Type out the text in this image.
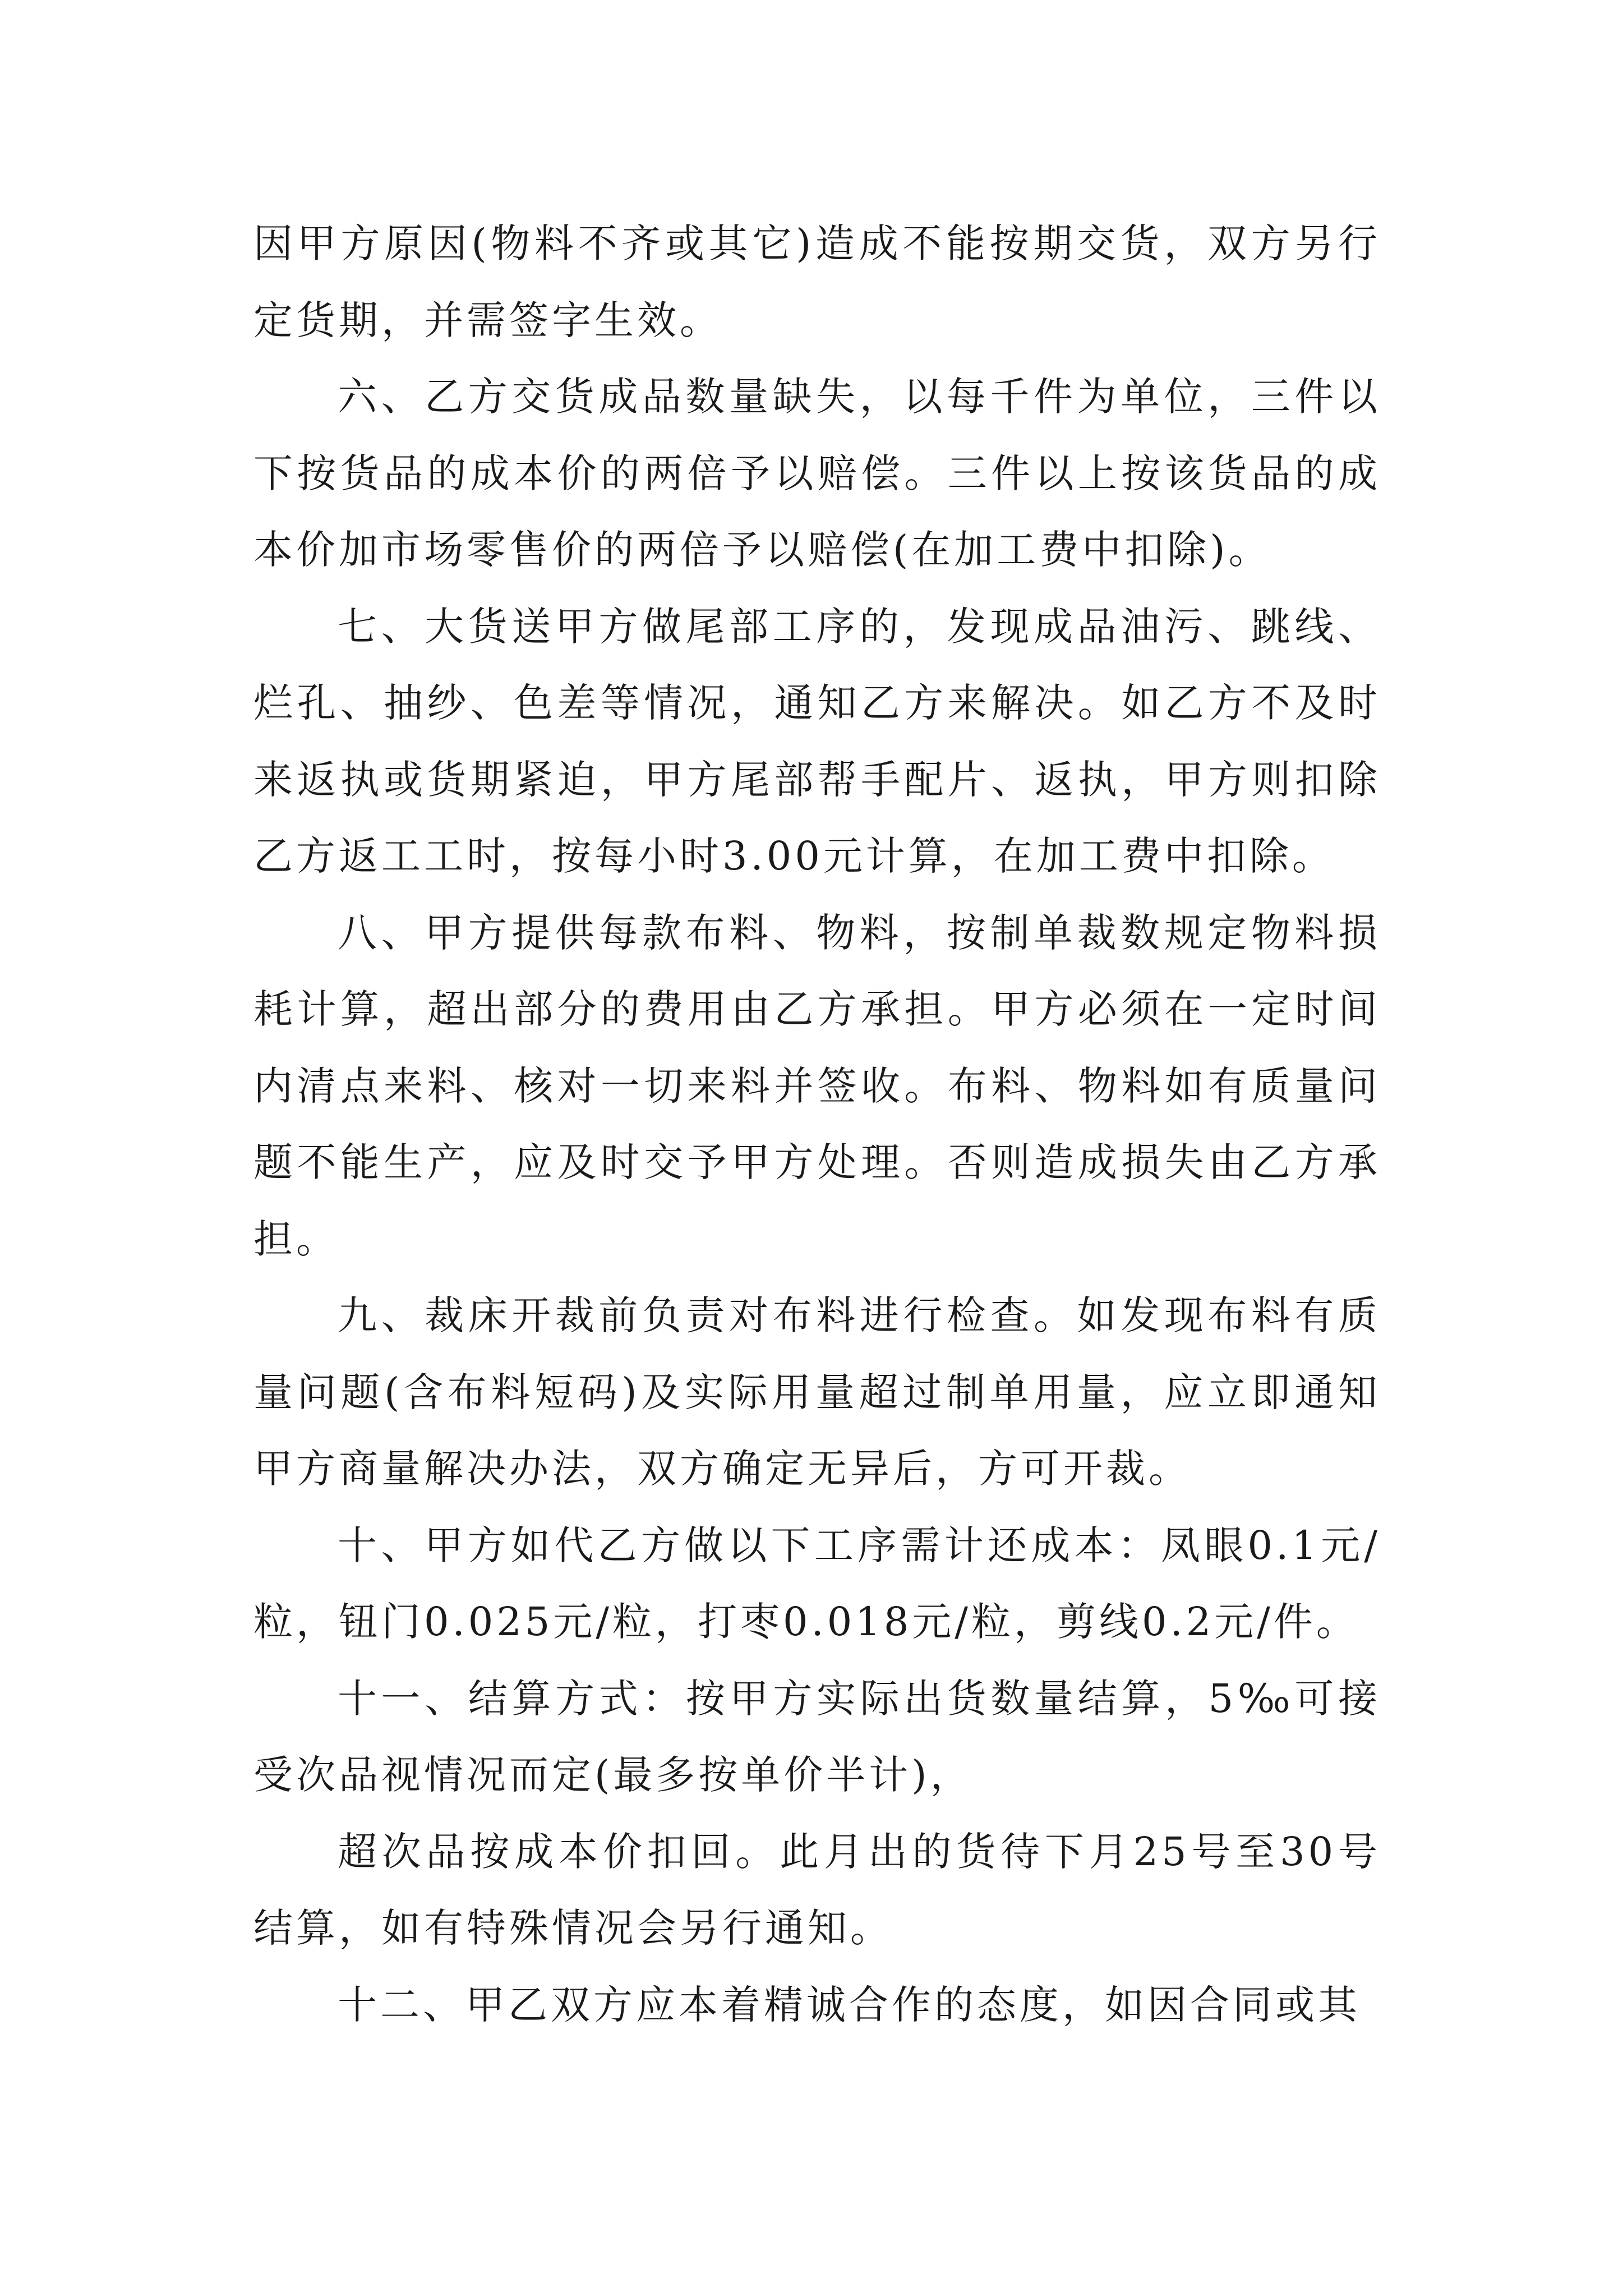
因甲方原因(物料不齐或其它)造成不能按期交货，双方另行定货期，并需签字生效。

六、乙方交货成品数量缺失，以每千件为单位，三件以下按货品的成本价的两倍予以赔偿。三件以上按该货品的成本价加市场零售价的两倍予以赔偿(在加工费中扣除)。

七、大货送甲方做尾部工序的，发现成品油污、跳线、烂孔、抽纱、色差等情况，通知乙方来解决。如乙方不及时来返执或货期紧迫，甲方尾部帮手配片、返执，甲方则扣除乙方返工工时，按每小时3.00元计算，在加工费中扣除。

八、甲方提供每款布料、物料，按制单裁数规定物料损耗计算，超出部分的费用由乙方承担。甲方必须在一定时间内清点来料、核对一切来料并签收。布料、物料如有质量问题不能生产，应及时交予甲方处理。否则造成损失由乙方承担。

九、裁床开裁前负责对布料进行检查。如发现布料有质量问题(含布料短码)及实际用量超过制单用量，应立即通知甲方商量解决办法，双方确定无异后，方可开裁。

十、甲方如代乙方做以下工序需计还成本：凤眼0.1元/粒，钮门0.025元/粒，打枣0.018元/粒，剪线0.2元/件。

十一、结算方式：按甲方实际出货数量结算，5‰可接受次品视情况而定(最多按单价半计)，

超次品按成本价扣回。此月出的货待下月25号至30号结算，如有特殊情况会另行通知。

十二、甲乙双方应本着精诚合作的态度，如因合同或其
